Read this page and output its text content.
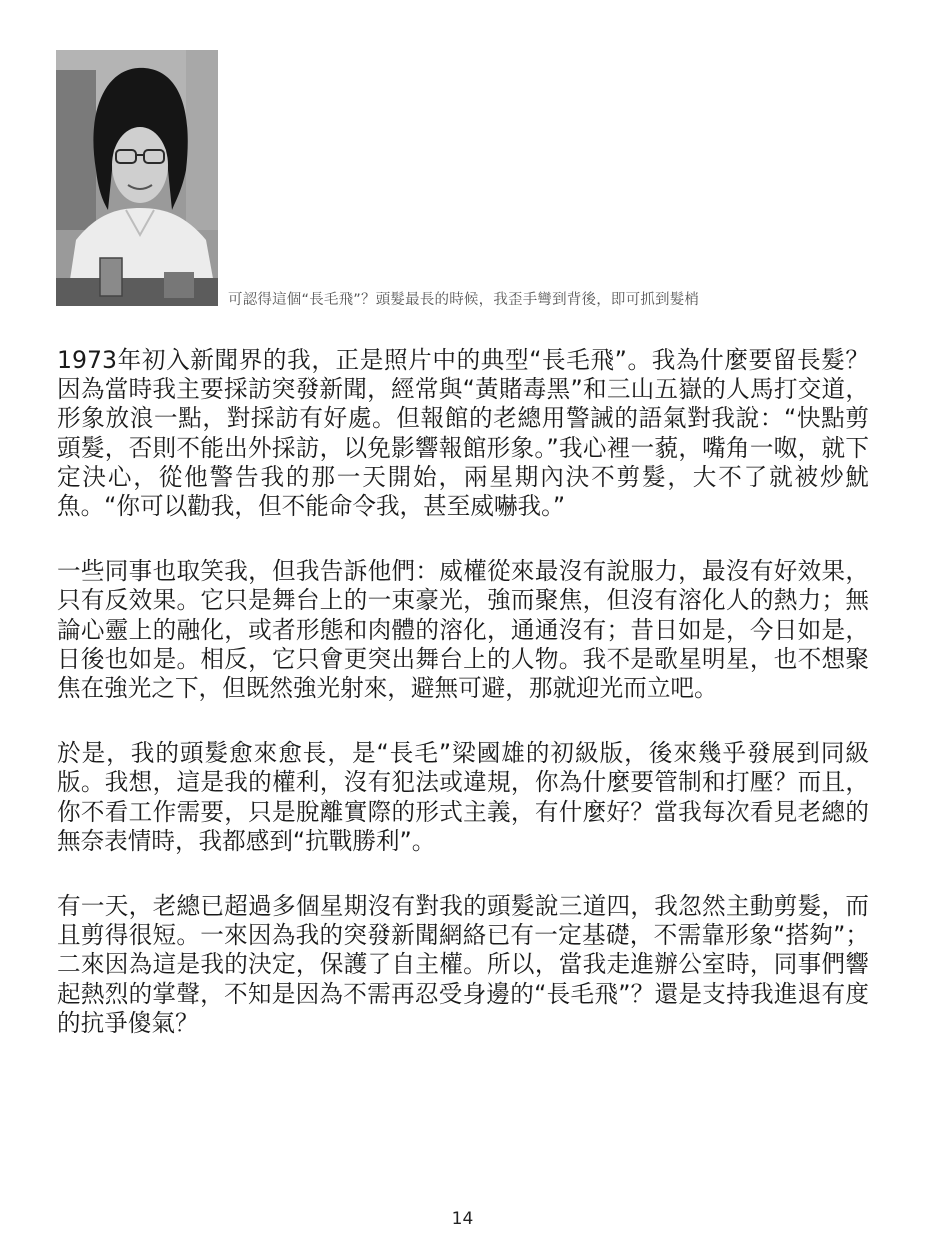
可認得這個“長毛飛”？頭髮最長的時候，我歪手彎到背後，即可抓到髮梢

1973年初入新聞界的我，正是照片中的典型“長毛飛”。我為什麼要留長髮？因為當時我主要採訪突發新聞，經常與“黃賭毒黑”和三山五嶽的人馬打交道，形象放浪一點，對採訪有好處。但報館的老總用警誡的語氣對我說：“快點剪頭髮，否則不能出外採訪，以免影響報館形象。”我心裡一藐，嘴角一呶，就下定決心，從他警告我的那一天開始，兩星期內決不剪髮，大不了就被炒魷魚。“你可以勸我，但不能命令我，甚至威嚇我。”

一些同事也取笑我，但我告訴他們：威權從來最沒有說服力，最沒有好效果，只有反效果。它只是舞台上的一束豪光，強而聚焦，但沒有溶化人的熱力；無論心靈上的融化，或者形態和肉體的溶化，通通沒有；昔日如是，今日如是，日後也如是。相反，它只會更突出舞台上的人物。我不是歌星明星，也不想聚焦在強光之下，但既然強光射來，避無可避，那就迎光而立吧。

於是，我的頭髮愈來愈長，是“長毛”梁國雄的初級版，後來幾乎發展到同級版。我想，這是我的權利，沒有犯法或違規，你為什麼要管制和打壓？而且，你不看工作需要，只是脫離實際的形式主義，有什麼好？當我每次看見老總的無奈表情時，我都感到“抗戰勝利”。

有一天，老總已超過多個星期沒有對我的頭髮說三道四，我忽然主動剪髮，而且剪得很短。一來因為我的突發新聞網絡已有一定基礎，不需靠形象“搭夠”；二來因為這是我的決定，保護了自主權。所以，當我走進辦公室時，同事們響起熱烈的掌聲，不知是因為不需再忍受身邊的“長毛飛”？還是支持我進退有度的抗爭傻氣？

14
